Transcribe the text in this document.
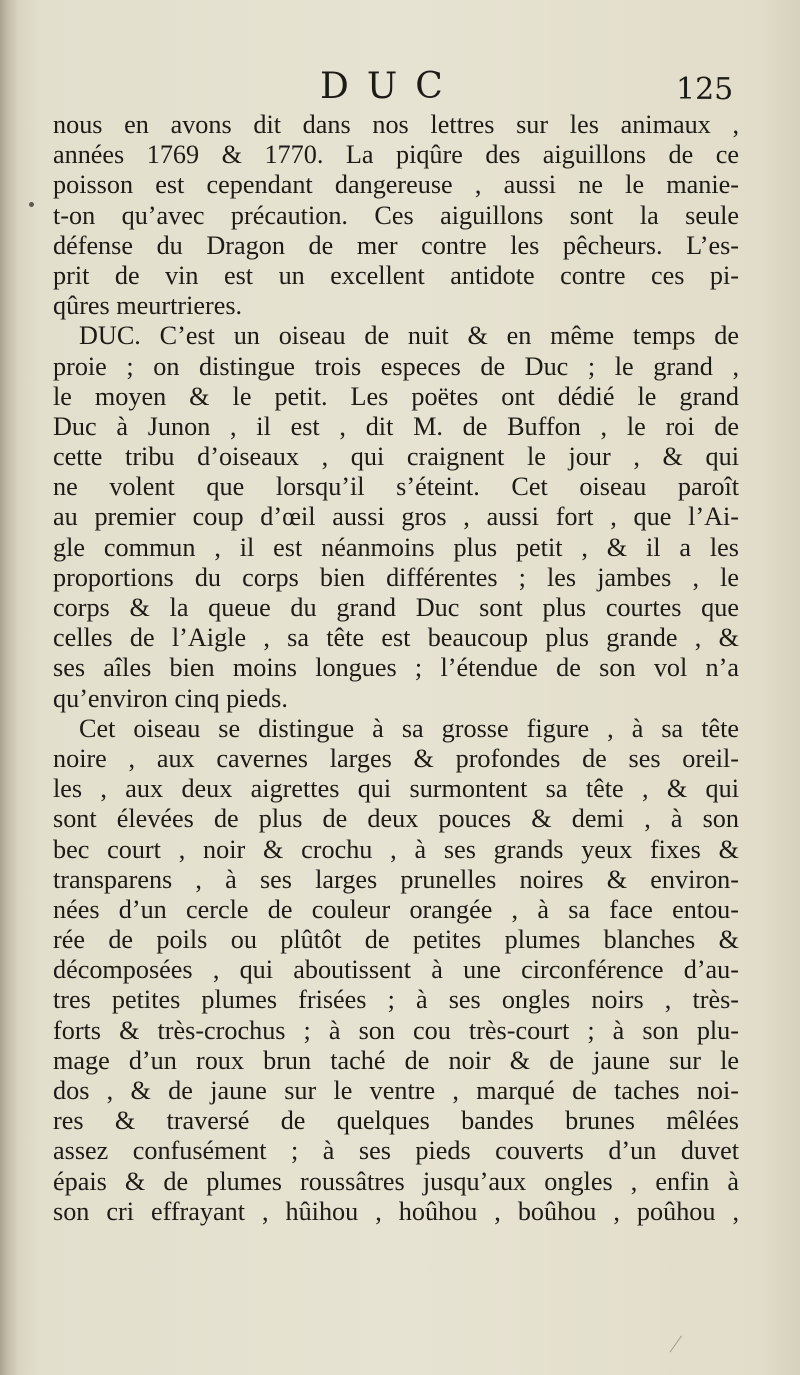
DUC	125
nous en avons dit dans nos lettres sur les animaux ,
années 1769 & 1770. La piqûre des aiguillons de ce
poisson est cependant dangereuse , aussi ne le manie-
t-on qu’avec précaution. Ces aiguillons sont la seule
défense du Dragon de mer contre les pêcheurs. L’es-
prit de vin est un excellent antidote contre ces pi-
qûres meurtrieres.
DUC. C’est un oiseau de nuit & en même temps de
proie ; on distingue trois especes de Duc ; le grand ,
le moyen & le petit. Les poëtes ont dédié le grand
Duc à Junon , il est , dit M. de Buffon , le roi de
cette tribu d’oiseaux , qui craignent le jour , & qui
ne volent que lorsqu’il s’éteint. Cet oiseau paroît
au premier coup d’œil aussi gros , aussi fort , que l’Ai-
gle commun , il est néanmoins plus petit , & il a les
proportions du corps bien différentes ; les jambes , le
corps & la queue du grand Duc sont plus courtes que
celles de l’Aigle , sa tête est beaucoup plus grande , &
ses aîles bien moins longues ; l’étendue de son vol n’a
qu’environ cinq pieds.
Cet oiseau se distingue à sa grosse figure , à sa tête
noire , aux cavernes larges & profondes de ses oreil-
les , aux deux aigrettes qui surmontent sa tête , & qui
sont élevées de plus de deux pouces & demi , à son
bec court , noir & crochu , à ses grands yeux fixes &
transparens , à ses larges prunelles noires & environ-
nées d’un cercle de couleur orangée , à sa face entou-
rée de poils ou plûtôt de petites plumes blanches &
décomposées , qui aboutissent à une circonférence d’au-
tres petites plumes frisées ; à ses ongles noirs , très-
forts & très-crochus ; à son cou très-court ; à son plu-
mage d’un roux brun taché de noir & de jaune sur le
dos , & de jaune sur le ventre , marqué de taches noi-
res & traversé de quelques bandes brunes mêlées
assez confusément ; à ses pieds couverts d’un duvet
épais & de plumes roussâtres jusqu’aux ongles , enfin à
son cri effrayant , hûihou , hoûhou , boûhou , poûhou ,
